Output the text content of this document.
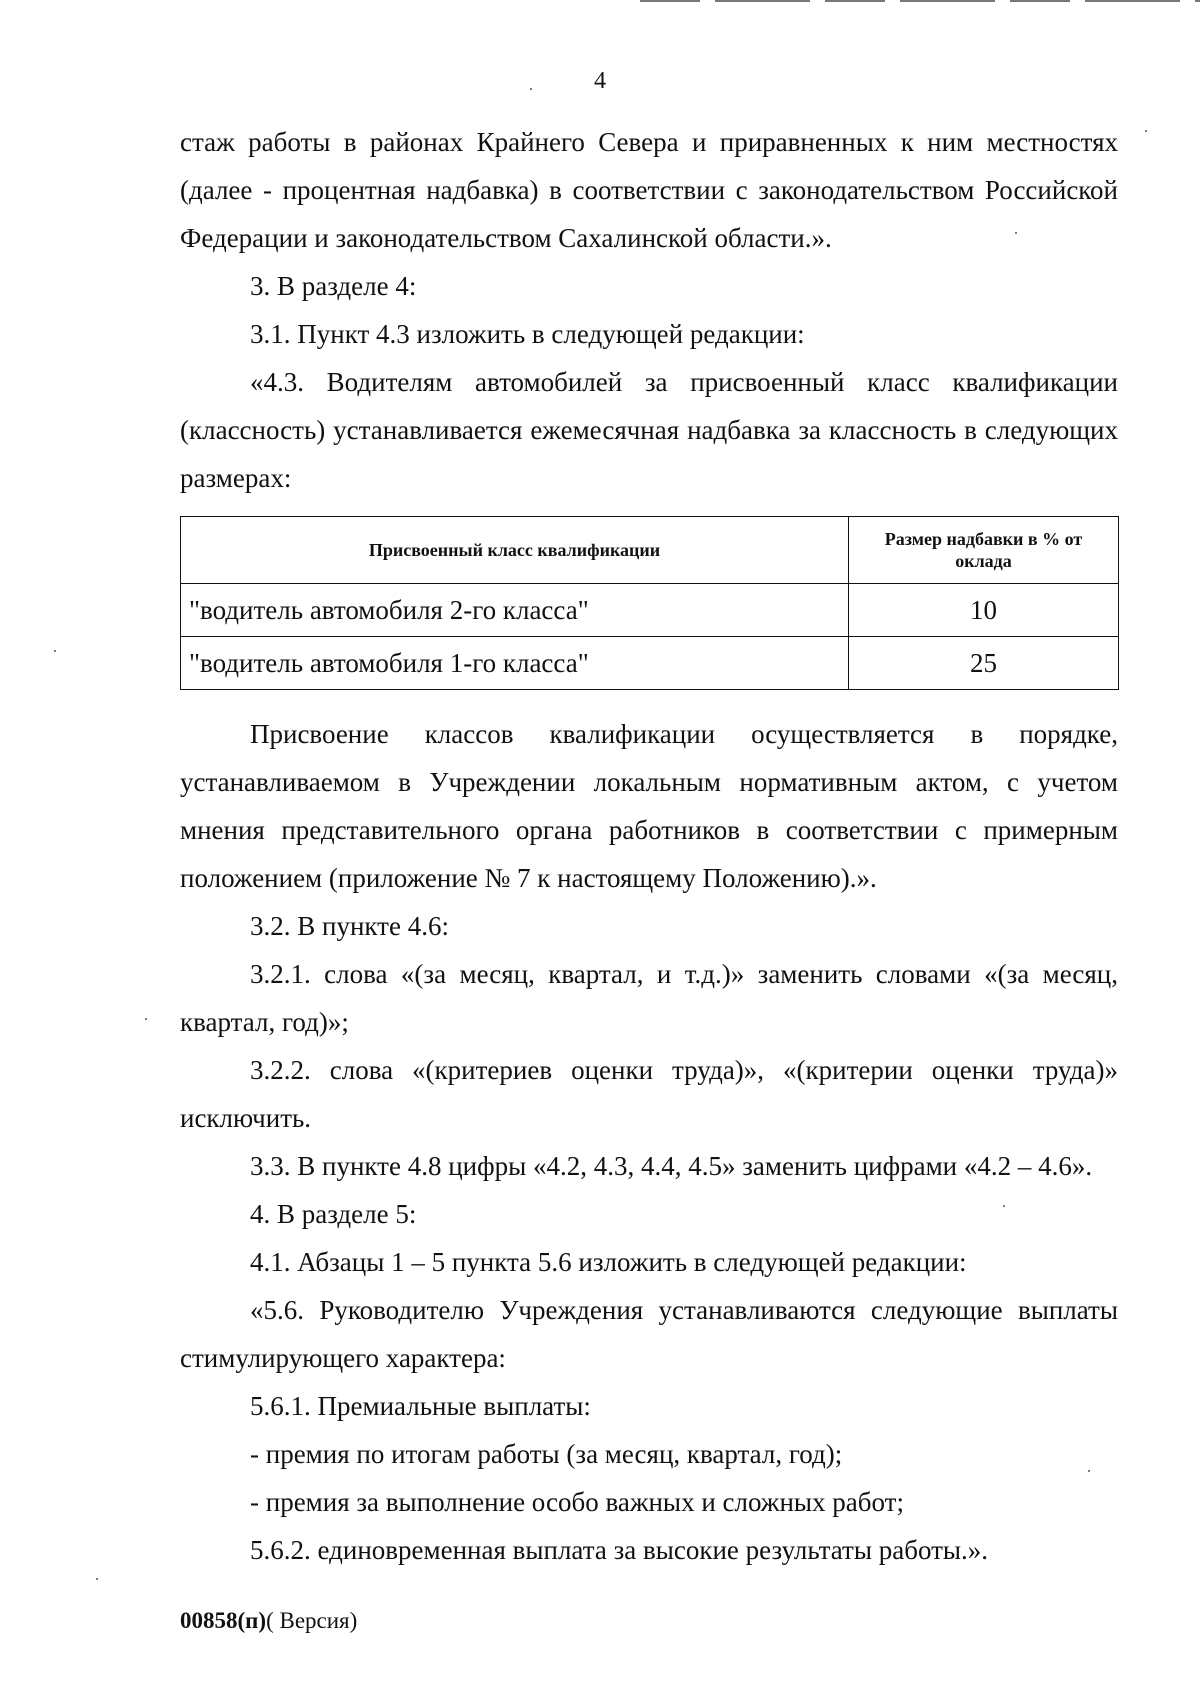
4

стаж работы в районах Крайнего Севера и приравненных к ним местностях (далее - процентная надбавка) в соответствии с законодательством Российской Федерации и законодательством Сахалинской области.».

3. В разделе 4:

3.1. Пункт 4.3 изложить в следующей редакции:

«4.3. Водителям автомобилей за присвоенный класс квалификации (классность) устанавливается ежемесячная надбавка за классность в следующих размерах:

Присвоенный класс квалификации	Размер надбавки в % от оклада
"водитель автомобиля 2-го класса"	10
"водитель автомобиля 1-го класса"	25

Присвоение классов квалификации осуществляется в порядке, устанавливаемом в Учреждении локальным нормативным актом, с учетом мнения представительного органа работников в соответствии с примерным положением (приложение № 7 к настоящему Положению).».

3.2. В пункте 4.6:

3.2.1. слова «(за месяц, квартал, и т.д.)» заменить словами «(за месяц, квартал, год)»;

3.2.2. слова «(критериев оценки труда)», «(критерии оценки труда)» исключить.

3.3. В пункте 4.8 цифры «4.2, 4.3, 4.4, 4.5» заменить цифрами «4.2 – 4.6».

4. В разделе 5:

4.1. Абзацы 1 – 5 пункта 5.6 изложить в следующей редакции:

«5.6. Руководителю Учреждения устанавливаются следующие выплаты стимулирующего характера:

5.6.1. Премиальные выплаты:

- премия по итогам работы (за месяц, квартал, год);

- премия за выполнение особо важных и сложных работ;

5.6.2. единовременная выплата за высокие результаты работы.».

00858(п)( Версия)
